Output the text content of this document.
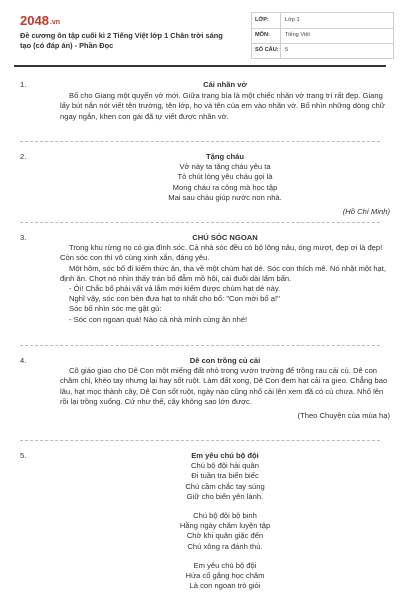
2048.vn
Đề cương ôn tập cuối kì 2 Tiếng Việt lớp 1 Chân trời sáng tạo (có đáp án) - Phần Đọc
LỚP:	Lớp 1
MÔN:	Tiếng Việt
SỐ CÂU: 5
1.	Cái nhãn vở

Bố cho Giang một quyển vở mới. Giữa trang bìa là một chiếc nhãn vở trang trí rất đẹp. Giang lấy bút nắn nót viết tên trường, tên lớp, họ và tên của em vào nhãn vở. Bố nhìn những dòng chữ ngay ngắn, khen con gái đã tự viết được nhãn vở.

2.	Tặng cháu
Vở này ta tặng cháu yêu ta
Tỏ chút lòng yêu cháu gọi là
Mong cháu ra công mà học tập
Mai sau cháu giúp nước non nhà.
(Hồ Chí Minh)
3.	CHÚ SÓC NGOAN

Trong khu rừng nọ có gia đình sóc. Cả nhà sóc đều có bộ lông nâu, óng mượt, đẹp ơi là đẹp! Còn sóc con thì vô cùng xinh xắn, đáng yêu.

Một hôm, sóc bố đi kiếm thức ăn, tha về một chùm hạt dẻ. Sóc con thích mê. Nó nhặt một hạt, định ăn. Chợt nó nhìn thấy trán bố đẫm mồ hôi, cái đuôi dài lấm bẩn.

- Ôi! Chắc bố phải vất vả lắm mới kiếm được chùm hạt dẻ này.

Nghĩ vậy, sóc con bèn đưa hạt to nhất cho bố: "Con mời bố ạ!"

Sóc bố nhìn sóc mẹ gật gù:

- Sóc con ngoan quá! Nào cả nhà mình cùng ăn nhé!

4.	Dê con trồng củ cải

Cô giáo giao cho Dê Con một miếng đất nhỏ trong vườn trường để trồng rau cải củ. Dê con chăm chỉ, khéo tay nhưng lại hay sốt ruột. Làm đất xong, Dê Con đem hạt cải ra gieo. Chẳng bao lâu, hạt mọc thành cây, Dê Con sốt ruột, ngày nào cũng nhổ cải lên xem đã có củ chưa. Nhổ lên rồi lại trồng xuống. Cứ như thế, cây không sao lớn được.

(Theo Chuyện của mùa hạ)
5.	Em yêu chú bộ đội
Chú bộ đội hải quân
Đi tuần tra biển biếc
Chú cầm chắc tay súng
Giữ cho biển yên lành.
Chú bộ đội bộ binh
Hằng ngày chăm luyện tập
Chờ khi quân giặc đến
Chú xông ra đánh thù.
Em yêu chú bộ đội
Hứa cố gắng học chăm
Là con ngoan trò giỏi
